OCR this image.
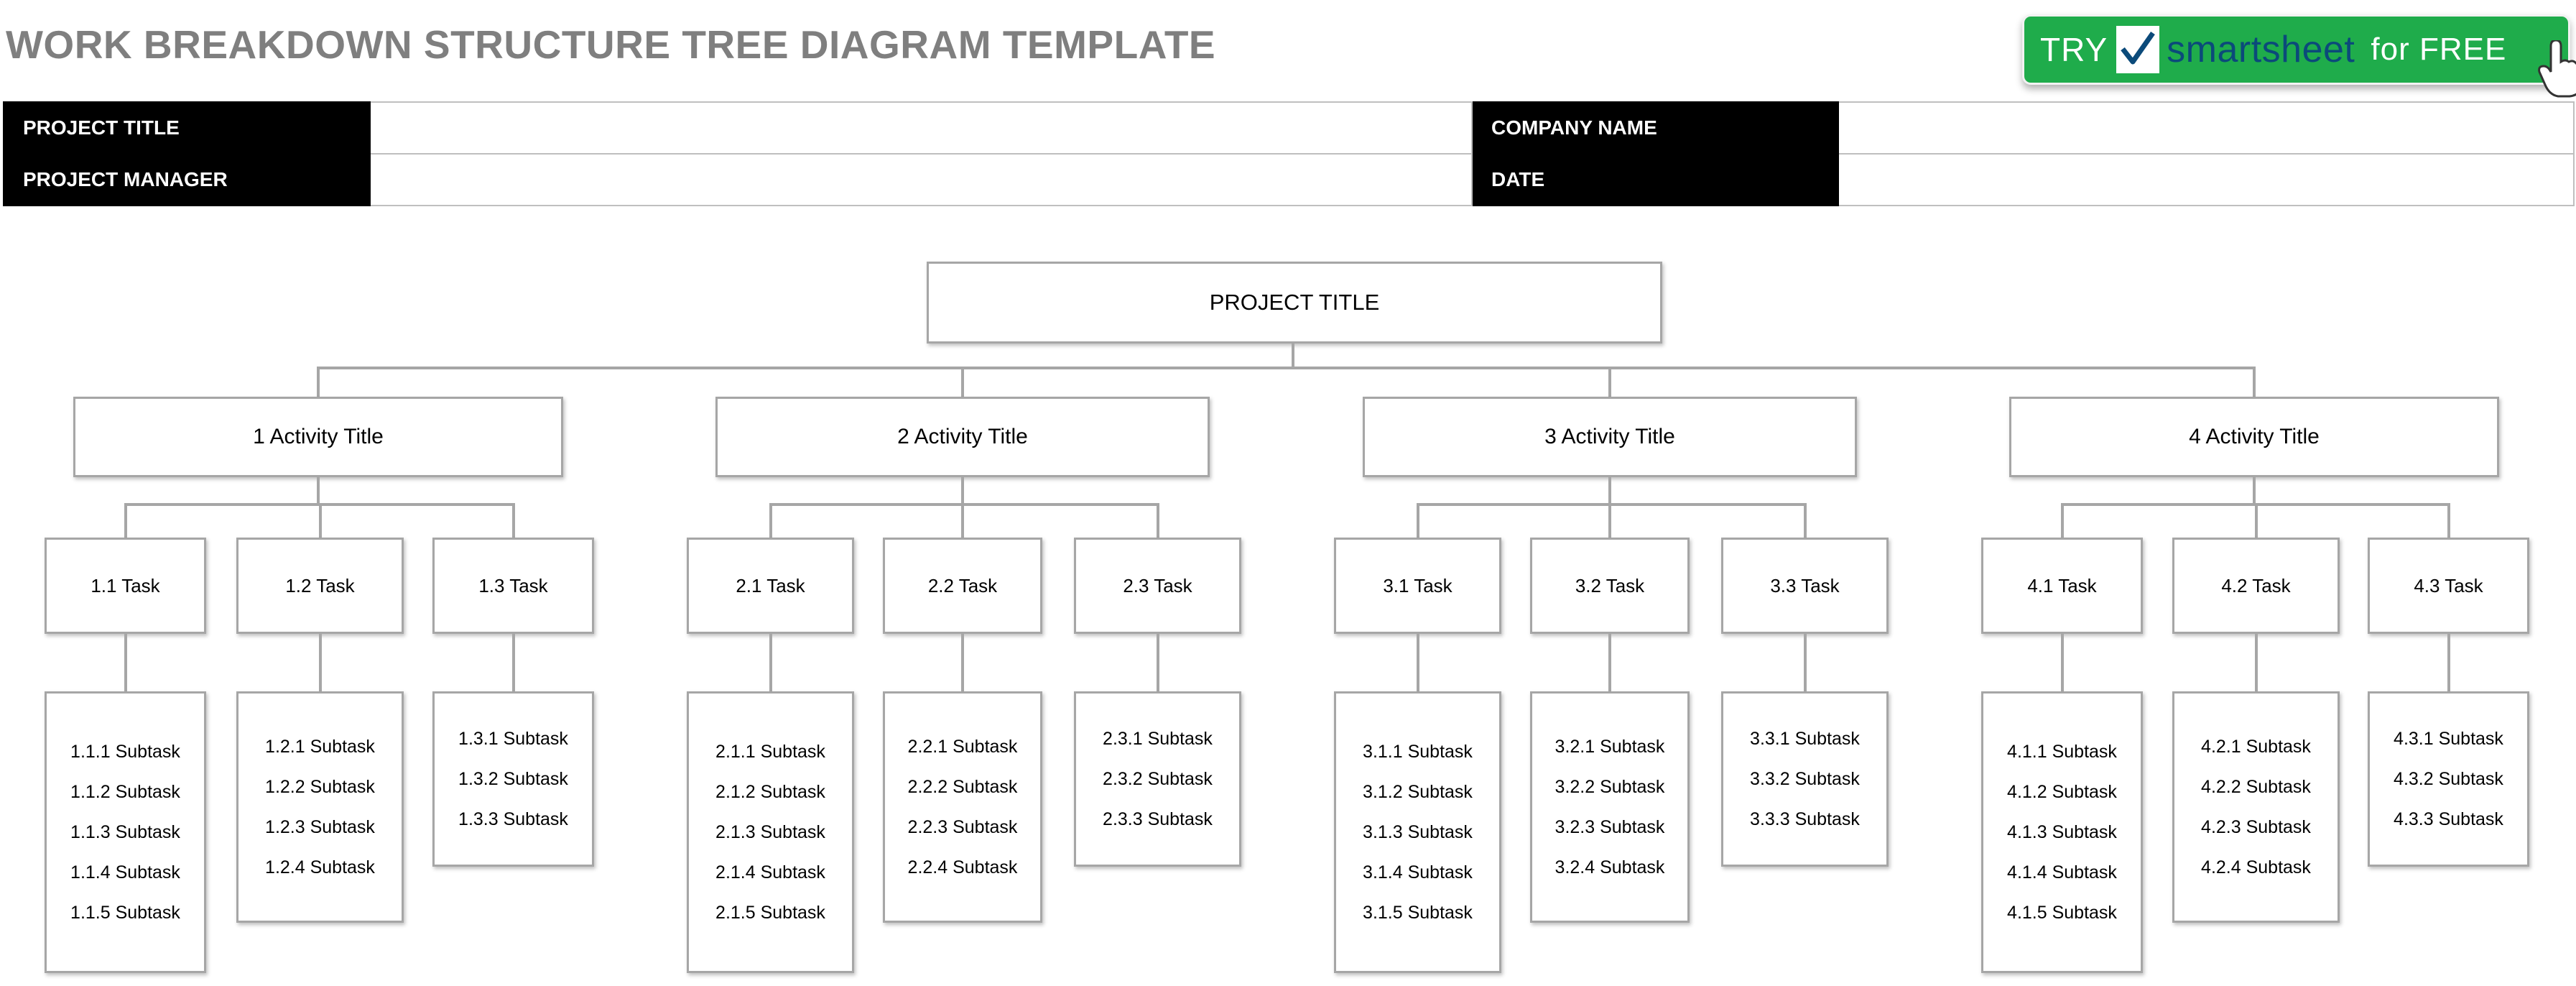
WORK BREAKDOWN STRUCTURE TREE DIAGRAM TEMPLATE	TRY smartsheet for FREE
PROJECT TITLE		COMPANY NAME	
PROJECT MANAGER		DATE	
PROJECT TITLE
1 Activity Title
1.1 Task
1.1.1 Subtask
1.1.2 Subtask
1.1.3 Subtask
1.1.4 Subtask
1.1.5 Subtask
1.2 Task
1.2.1 Subtask
1.2.2 Subtask
1.2.3 Subtask
1.2.4 Subtask
1.3 Task
1.3.1 Subtask
1.3.2 Subtask
1.3.3 Subtask
2 Activity Title
2.1 Task
2.1.1 Subtask
2.1.2 Subtask
2.1.3 Subtask
2.1.4 Subtask
2.1.5 Subtask
2.2 Task
2.2.1 Subtask
2.2.2 Subtask
2.2.3 Subtask
2.2.4 Subtask
2.3 Task
2.3.1 Subtask
2.3.2 Subtask
2.3.3 Subtask
3 Activity Title
3.1 Task
3.1.1 Subtask
3.1.2 Subtask
3.1.3 Subtask
3.1.4 Subtask
3.1.5 Subtask
3.2 Task
3.2.1 Subtask
3.2.2 Subtask
3.2.3 Subtask
3.2.4 Subtask
3.3 Task
3.3.1 Subtask
3.3.2 Subtask
3.3.3 Subtask
4 Activity Title
4.1 Task
4.1.1 Subtask
4.1.2 Subtask
4.1.3 Subtask
4.1.4 Subtask
4.1.5 Subtask
4.2 Task
4.2.1 Subtask
4.2.2 Subtask
4.2.3 Subtask
4.2.4 Subtask
4.3 Task
4.3.1 Subtask
4.3.2 Subtask
4.3.3 Subtask
